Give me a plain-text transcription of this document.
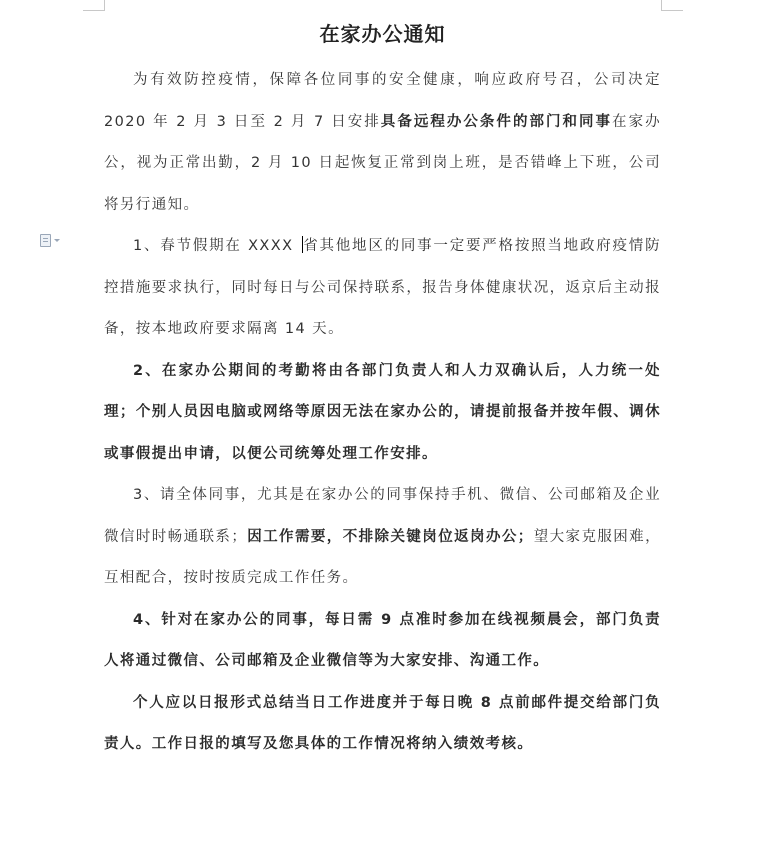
在家办公通知

为有效防控疫情，保障各位同事的安全健康，响应政府号召，公司决定 2020 年 2 月 3 日至 2 月 7 日安排具备远程办公条件的部门和同事在家办公，视为正常出勤，2 月 10 日起恢复正常到岗上班，是否错峰上下班，公司将另行通知。

1、春节假期在 XXXX 省其他地区的同事一定要严格按照当地政府疫情防控措施要求执行，同时每日与公司保持联系，报告身体健康状况，返京后主动报备，按本地政府要求隔离 14 天。

2、在家办公期间的考勤将由各部门负责人和人力双确认后，人力统一处理；个别人员因电脑或网络等原因无法在家办公的，请提前报备并按年假、调休或事假提出申请，以便公司统筹处理工作安排。

3、请全体同事，尤其是在家办公的同事保持手机、微信、公司邮箱及企业微信时时畅通联系；因工作需要，不排除关键岗位返岗办公；望大家克服困难，互相配合，按时按质完成工作任务。

4、针对在家办公的同事，每日需 9 点准时参加在线视频晨会，部门负责人将通过微信、公司邮箱及企业微信等为大家安排、沟通工作。

个人应以日报形式总结当日工作进度并于每日晚 8 点前邮件提交给部门负责人。工作日报的填写及您具体的工作情况将纳入绩效考核。
